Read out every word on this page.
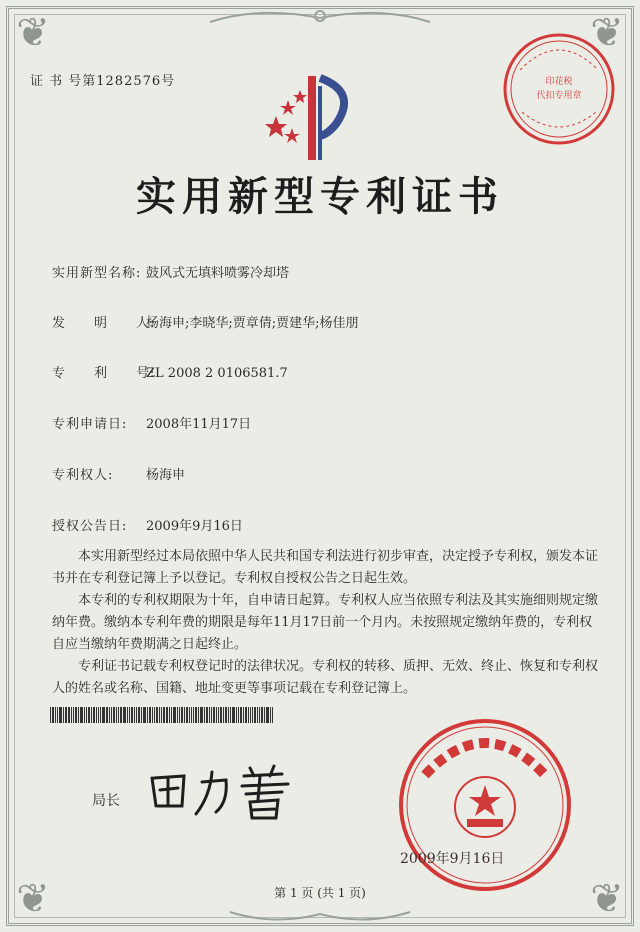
❦	❦
❦	❦
证 书 号第1282576号	印花税
代扣专用章
实用新型专利证书
实用新型名称: 鼓风式无填料喷雾冷却塔
发　　明　　人:杨海申;李晓华;贾章倩;贾建华;杨佳朋
专　　利　　号:ZL 2008 2 0106581.7
专利申请日: 2008年11月17日
专利权人:	杨海申
授权公告日: 2009年9月16日

本实用新型经过本局依照中华人民共和国专利法进行初步审查，决定授予专利权，颁发本证书并在专利登记簿上予以登记。专利权自授权公告之日起生效。

本专利的专利权期限为十年，自申请日起算。专利权人应当依照专利法及其实施细则规定缴纳年费。缴纳本专利年费的期限是每年11月17日前一个月内。未按照规定缴纳年费的，专利权自应当缴纳年费期满之日起终止。

专利证书记载专利权登记时的法律状况。专利权的转移、质押、无效、终止、恢复和专利权人的姓名或名称、国籍、地址变更等事项记载在专利登记簿上。

局长
2009年9月16日
第 1 页 (共 1 页)
